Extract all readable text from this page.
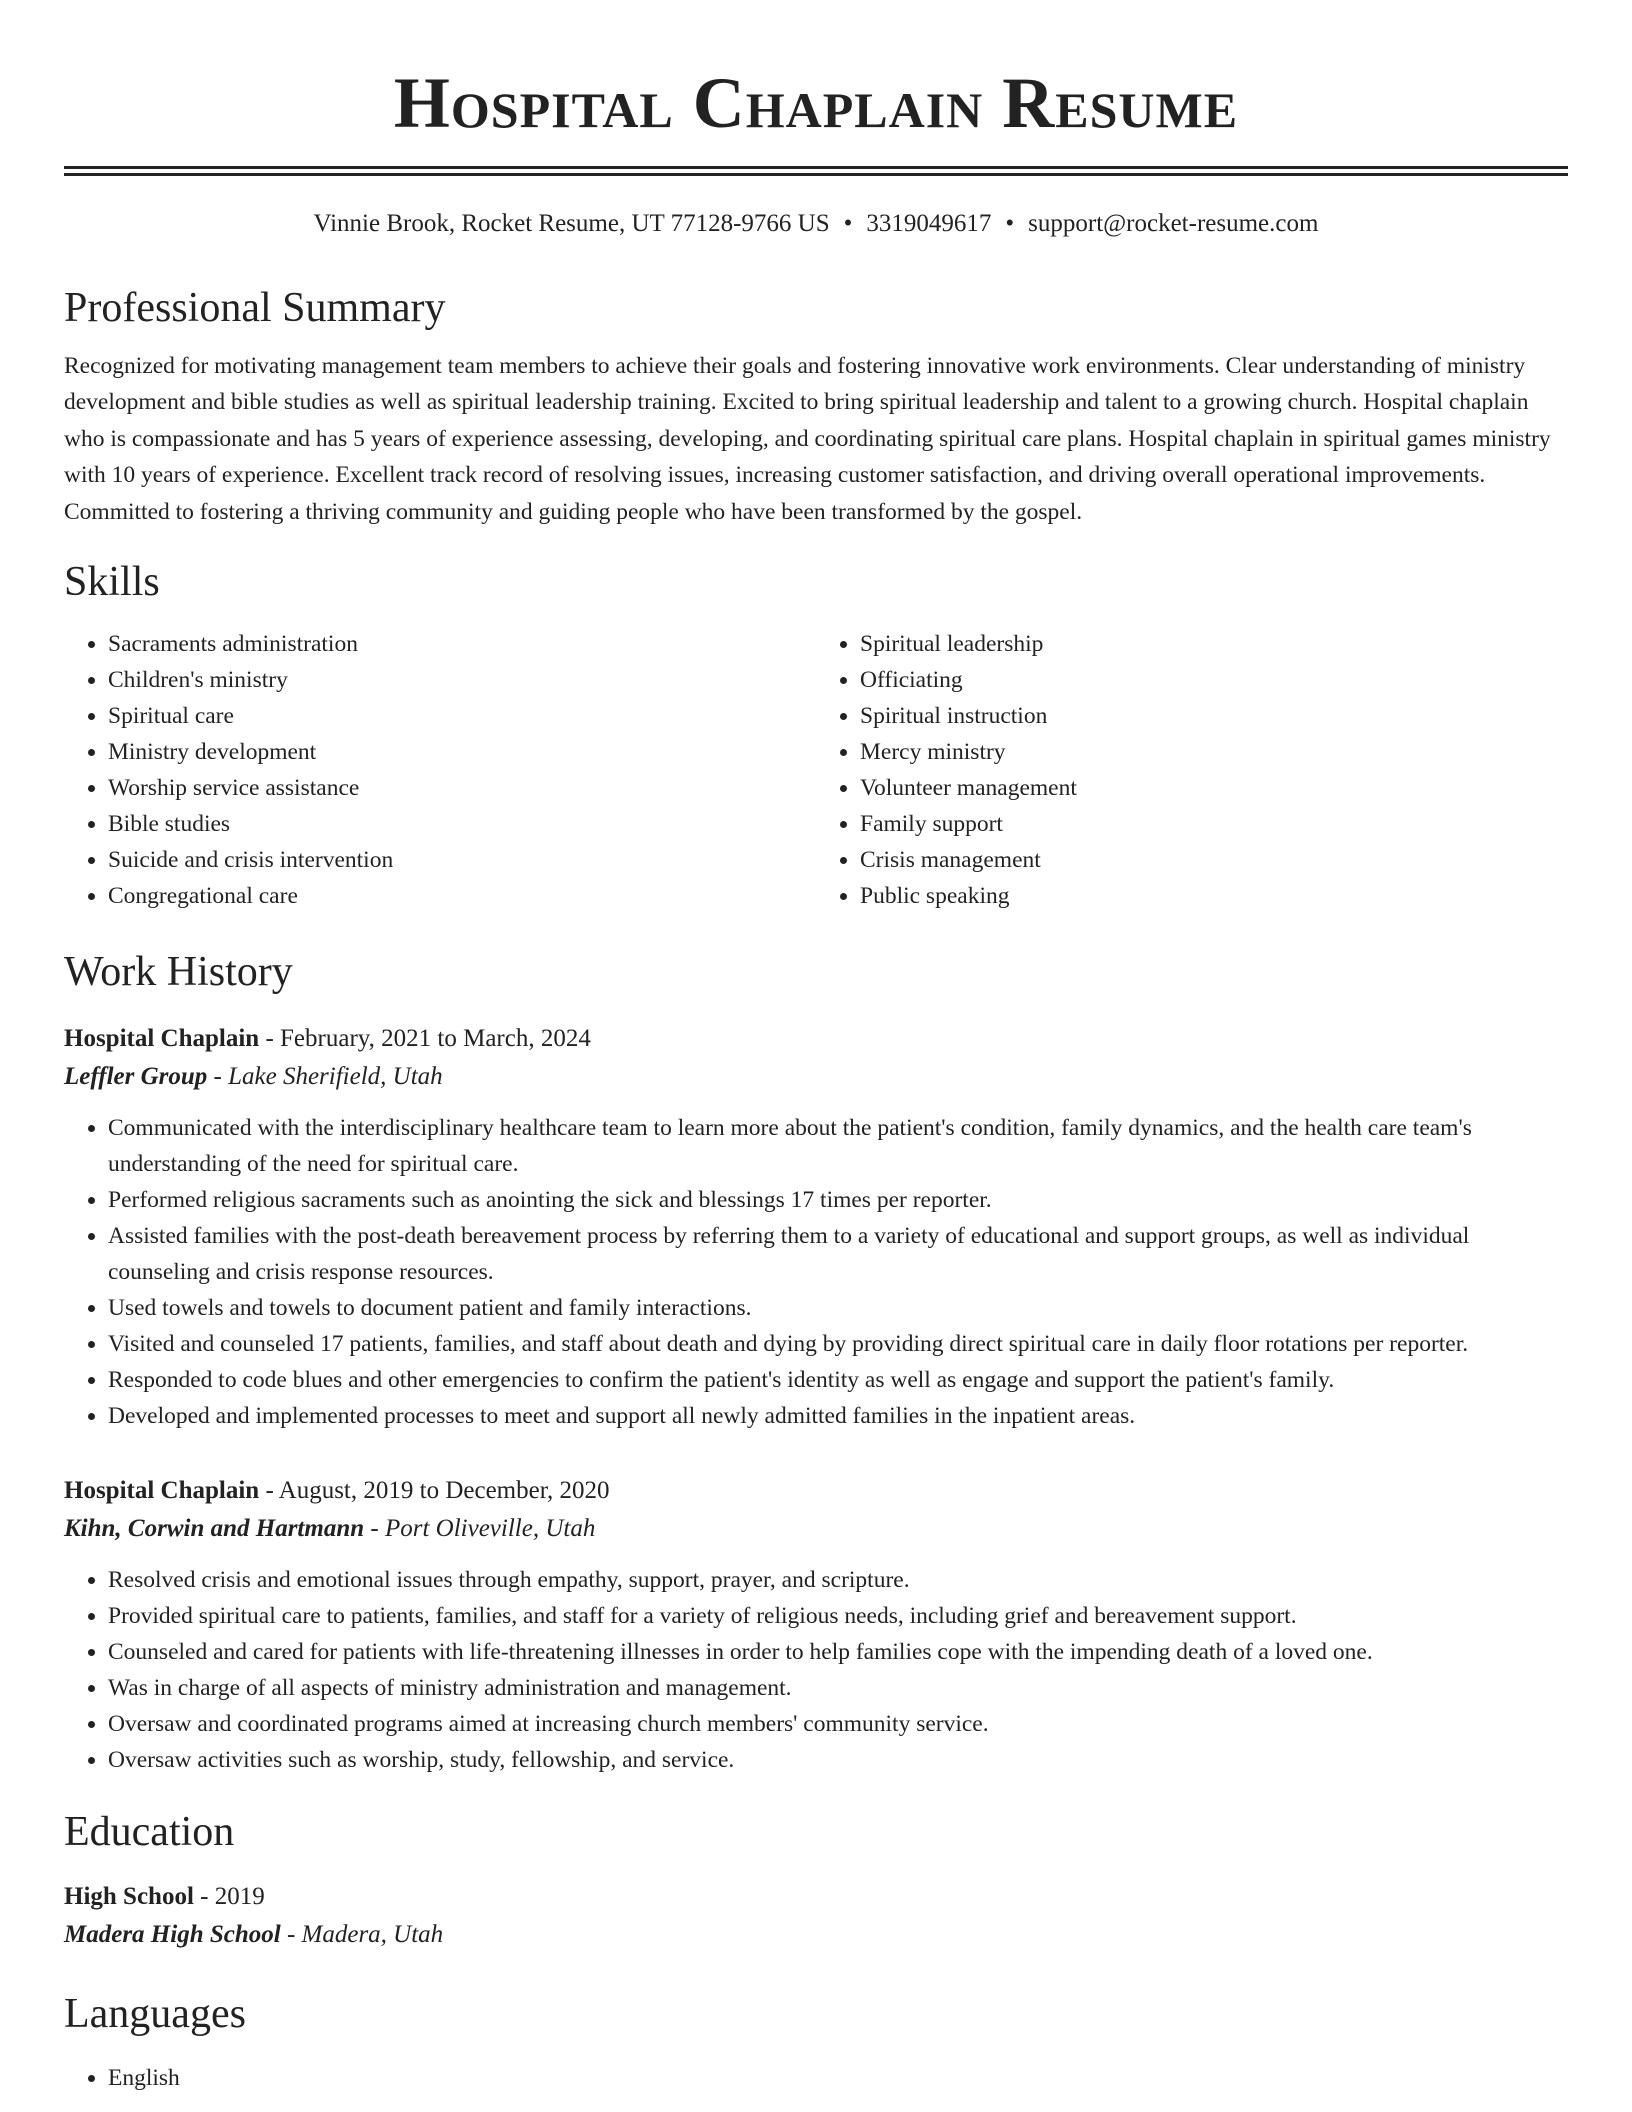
Hospital Chaplain Resume
Vinnie Brook, Rocket Resume, UT 77128-9766 US • 3319049617 • support@rocket-resume.com
Professional Summary

Recognized for motivating management team members to achieve their goals and fostering innovative work environments. Clear understanding of ministry development and bible studies as well as spiritual leadership training. Excited to bring spiritual leadership and talent to a growing church. Hospital chaplain who is compassionate and has 5 years of experience assessing, developing, and coordinating spiritual care plans. Hospital chaplain in spiritual games ministry with 10 years of experience. Excellent track record of resolving issues, increasing customer satisfaction, and driving overall operational improvements. Committed to fostering a thriving community and guiding people who have been transformed by the gospel.

Skills
• Sacraments administration
• Children's ministry
• Spiritual care
• Ministry development
• Worship service assistance
• Bible studies
• Suicide and crisis intervention
• Congregational care
• Spiritual leadership
• Officiating
• Spiritual instruction
• Mercy ministry
• Volunteer management
• Family support
• Crisis management
• Public speaking
Work History
Hospital Chaplain - February, 2021 to March, 2024
Leffler Group - Lake Sherifield, Utah
• Communicated with the interdisciplinary healthcare team to learn more about the patient's condition, family dynamics, and the health care team's understanding of the need for spiritual care.
• Performed religious sacraments such as anointing the sick and blessings 17 times per reporter.
• Assisted families with the post-death bereavement process by referring them to a variety of educational and support groups, as well as individual counseling and crisis response resources.
• Used towels and towels to document patient and family interactions.
• Visited and counseled 17 patients, families, and staff about death and dying by providing direct spiritual care in daily floor rotations per reporter.
• Responded to code blues and other emergencies to confirm the patient's identity as well as engage and support the patient's family.
• Developed and implemented processes to meet and support all newly admitted families in the inpatient areas.
Hospital Chaplain - August, 2019 to December, 2020
Kihn, Corwin and Hartmann - Port Oliveville, Utah
• Resolved crisis and emotional issues through empathy, support, prayer, and scripture.
• Provided spiritual care to patients, families, and staff for a variety of religious needs, including grief and bereavement support.
• Counseled and cared for patients with life-threatening illnesses in order to help families cope with the impending death of a loved one.
• Was in charge of all aspects of ministry administration and management.
• Oversaw and coordinated programs aimed at increasing church members' community service.
• Oversaw activities such as worship, study, fellowship, and service.
Education
High School - 2019
Madera High School - Madera, Utah
Languages
• English
